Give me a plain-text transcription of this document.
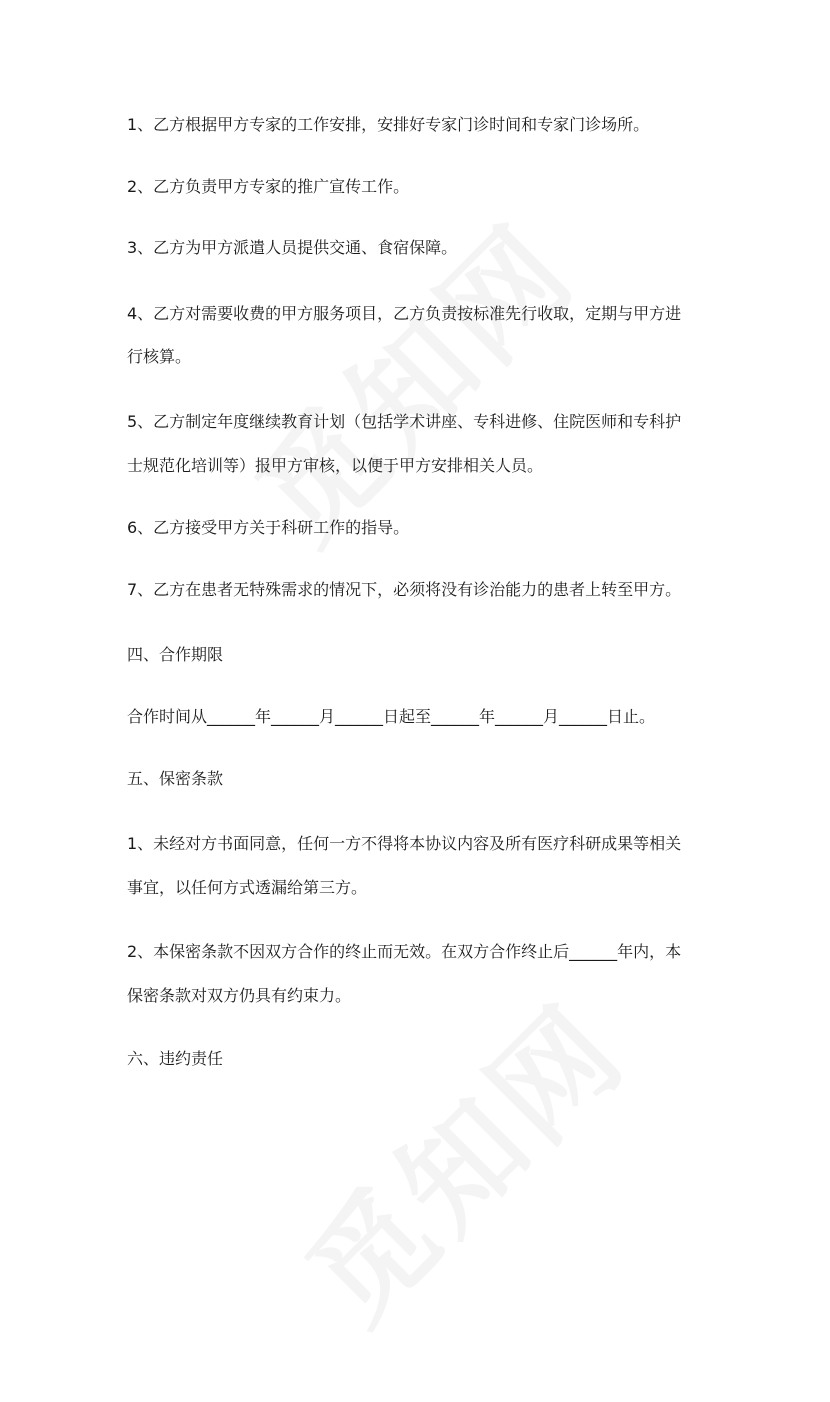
1、乙方根据甲方专家的工作安排，安排好专家门诊时间和专家门诊场所。
2、乙方负责甲方专家的推广宣传工作。
3、乙方为甲方派遣人员提供交通、食宿保障。
4、乙方对需要收费的甲方服务项目，乙方负责按标准先行收取，定期与甲方进
行核算。
5、乙方制定年度继续教育计划（包括学术讲座、专科进修、住院医师和专科护
士规范化培训等）报甲方审核，以便于甲方安排相关人员。
6、乙方接受甲方关于科研工作的指导。
7、乙方在患者无特殊需求的情况下，必须将没有诊治能力的患者上转至甲方。
四、合作期限
合作时间从______年______月______日起至______年______月______日止。
五、保密条款
1、未经对方书面同意，任何一方不得将本协议内容及所有医疗科研成果等相关
事宜，以任何方式透漏给第三方。
2、本保密条款不因双方合作的终止而无效。在双方合作终止后______年内，本
保密条款对双方仍具有约束力。
六、违约责任
